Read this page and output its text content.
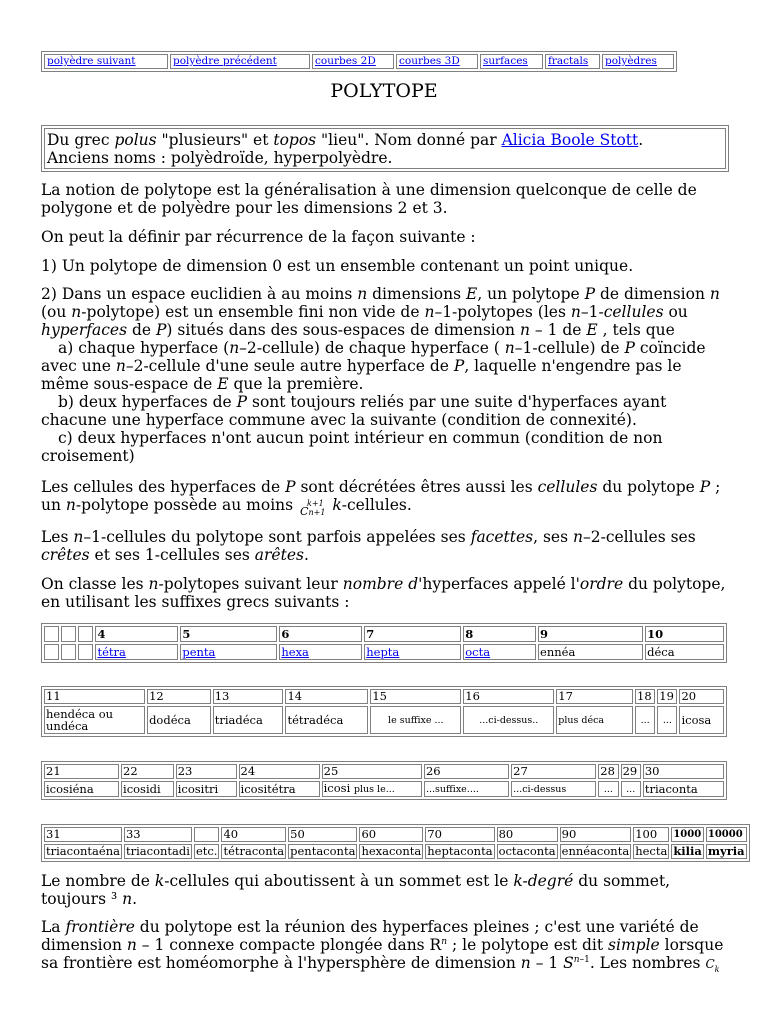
polyèdre suivant	polyèdre précédent	courbes 2D	courbes 3D	surfaces	fractals	polyèdres
POLYTOPE
Du grec polus "plusieurs" et topos "lieu". Nom donné par Alicia Boole Stott.
Anciens noms : polyèdroïde, hyperpolyèdre.

La notion de polytope est la généralisation à une dimension quelconque de celle de polygone et de polyèdre pour les dimensions 2 et 3.

On peut la définir par récurrence de la façon suivante :

1) Un polytope de dimension 0 est un ensemble contenant un point unique.

2) Dans un espace euclidien à au moins n dimensions E, un polytope P de dimension n

(ou n-polytope) est un ensemble fini non vide de n–1-polytopes (les n–1-cellules ou

hyperfaces de P) situés dans des sous-espaces de dimension n – 1 de E , tels que

a) chaque hyperface (n–2-cellule) de chaque hyperface ( n–1-cellule) de P coïncide

avec une n–2-cellule d'une seule autre hyperface de P, laquelle n'engendre pas le

même sous-espace de E que la première.

b) deux hyperfaces de P sont toujours reliés par une suite d'hyperfaces ayant

chacune une hyperface commune avec la suivante (condition de connexité).

c) deux hyperfaces n'ont aucun point intérieur en commun (condition de non

croisement)

Les cellules des hyperfaces de P sont décrétées êtres aussi les cellules du polytope P ;

un n-polytope possède au moins	k+1
Cn+1 k-cellules.

Les n–1-cellules du polytope sont parfois appelées ses facettes, ses n–2-cellules ses

crêtes et ses 1-cellules ses arêtes.

On classe les n-polytopes suivant leur nombre d'hyperfaces appelé l'ordre du polytope,

en utilisant les suffixes grecs suivants :

			4	5	6	7	8	9	10
			tétra	penta	hexa	hepta	octa	ennéa	déca
11	12	13	14	15	16	17	18	19	20
hendéca ou undéca	dodéca	triadéca	tétradéca	le suffixe ...	...ci-dessus..	plus déca	...	...	icosa
21	22	23	24	25	26	27	28	29	30
icosiéna	icosidi	icositri	icositétra	icosi plus le...	...suffixe....	...ci-dessus	...	...	triaconta
31	33		40	50	60	70	80	90	100	1000	10000
triacontaéna	triacontadi	etc.	tétraconta	pentaconta	hexaconta	heptaconta	octaconta	ennéaconta	hecta	kilia	myria

Le nombre de k-cellules qui aboutissent à un sommet est le k-degré du sommet,

toujours ³ n.

La frontière du polytope est la réunion des hyperfaces pleines ; c'est une variété de

dimension n – 1 connexe compacte plongée dans $R^n$ ; le polytope est dit simple lorsque

sa frontière est homéomorphe à l'hypersphère de dimension n – 1 $S^{n-1}$. Les nombres $C_k$
